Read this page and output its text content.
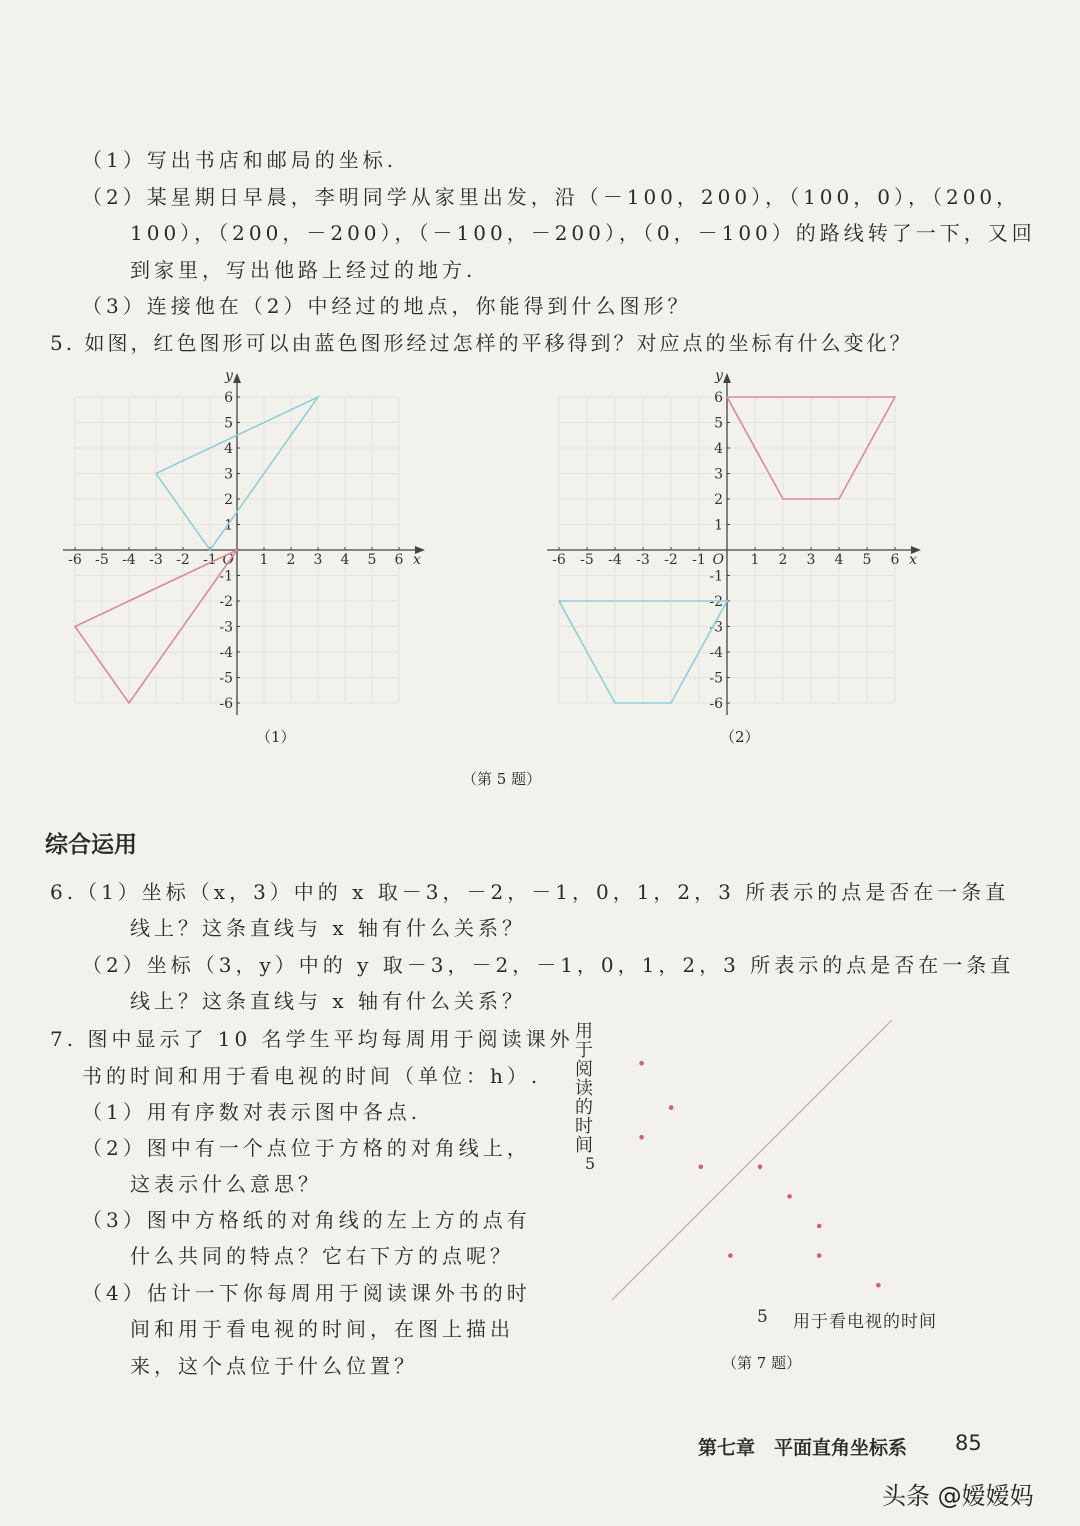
（1）写出书店和邮局的坐标.
（2）某星期日早晨，李明同学从家里出发，沿（－100，200），（100，0），（200，
100），（200，－200），（－100，－200），（0，－100）的路线转了一下，又回
到家里，写出他路上经过的地方.
（3）连接他在（2）中经过的地点，你能得到什么图形？
5. 如图，红色图形可以由蓝色图形经过怎样的平移得到？对应点的坐标有什么变化？
-6 -5 -4 -3 -2 -1	1 2 3 4 5 6
6
5
4
3
2
1
-1
-2
-3
-4
-5
-6
O	x
y
-6 -5 -4 -3 -2 -1	1 2 3 4 5 6
6
5
4
3
2
1
-1
-2
-3
-4
-5
-6
O	x
y
（1）	（2）
（第 5 题）
综合运用
6.（1）坐标（x，3）中的 x 取－3，－2，－1，0，1，2，3 所表示的点是否在一条直
线上？这条直线与 x 轴有什么关系？
（2）坐标（3，y）中的 y 取－3，－2，－1，0，1，2，3 所表示的点是否在一条直
线上？这条直线与 x 轴有什么关系？
7. 图中显示了 10 名学生平均每周用于阅读课外
书的时间和用于看电视的时间（单位：h）.
（1）用有序数对表示图中各点.
（2）图中有一个点位于方格的对角线上，
这表示什么意思？
（3）图中方格纸的对角线的左上方的点有
什么共同的特点？它右下方的点呢？
（4）估计一下你每周用于阅读课外书的时
间和用于看电视的时间，在图上描出
来，这个点位于什么位置？
用于阅读的时间
5
5 用于看电视的时间
（第 7 题）
第七章　平面直角坐标系 85
头条 @嫒嫒妈
